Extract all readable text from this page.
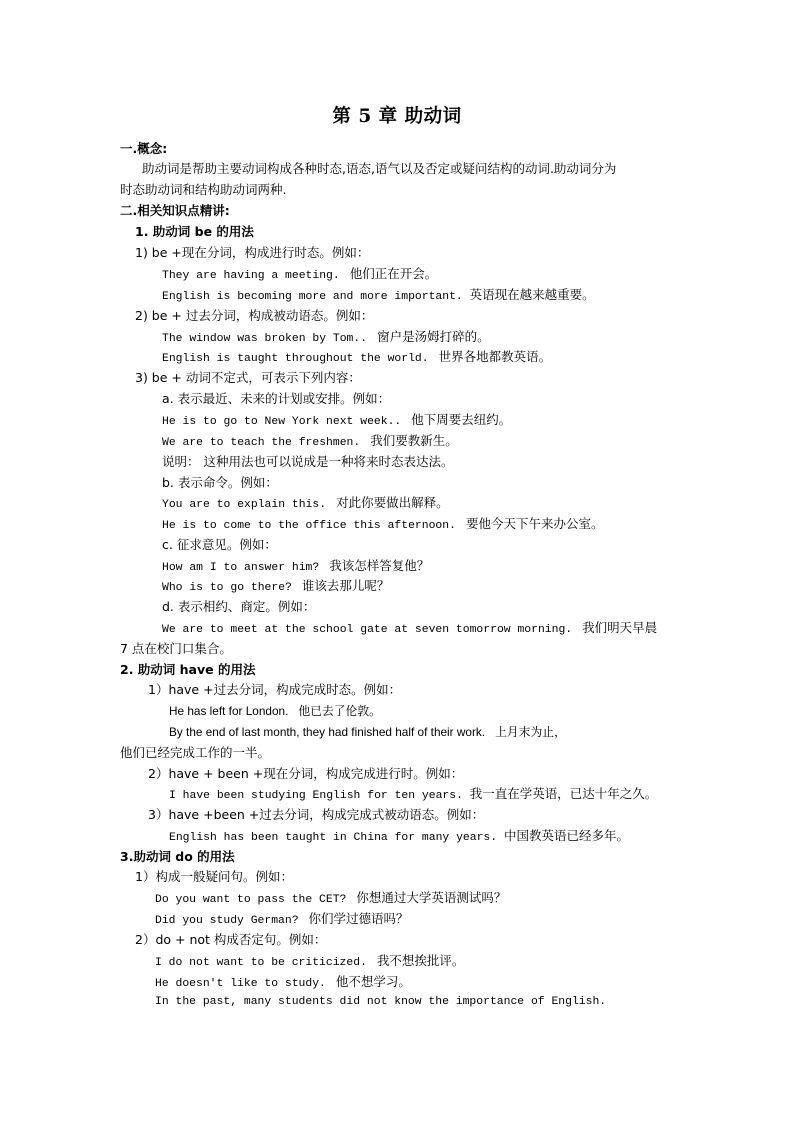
第 5 章 助动词
一.概念:
助动词是帮助主要动词构成各种时态,语态,语气以及否定或疑问结构的动词.助动词分为
时态助动词和结构助动词两种.
二.相关知识点精讲:
1. 助动词 be 的用法
1) be +现在分词，构成进行时态。例如：
They are having a meeting. 他们正在开会。
English is becoming more and more important. 英语现在越来越重要。
2) be + 过去分词，构成被动语态。例如：
The window was broken by Tom.. 窗户是汤姆打碎的。
English is taught throughout the world. 世界各地都教英语。
3) be + 动词不定式，可表示下列内容：
a. 表示最近、未来的计划或安排。例如：
He is to go to New York next week.. 他下周要去纽约。
We are to teach the freshmen. 我们要教新生。
说明： 这种用法也可以说成是一种将来时态表达法。
b. 表示命令。例如：
You are to explain this. 对此你要做出解释。
He is to come to the office this afternoon. 要他今天下午来办公室。
c. 征求意见。例如：
How am I to answer him? 我该怎样答复他？
Who is to go there? 谁该去那儿呢？
d. 表示相约、商定。例如：
We are to meet at the school gate at seven tomorrow morning. 我们明天早晨
7 点在校门口集合。
2. 助动词 have 的用法
1）have +过去分词，构成完成时态。例如：
He has left for London. 他已去了伦敦。
By the end of last month, they had finished half of their work. 上月末为止，
他们已经完成工作的一半。
2）have + been +现在分词，构成完成进行时。例如：
I have been studying English for ten years. 我一直在学英语，已达十年之久。
3）have +been +过去分词，构成完成式被动语态。例如：
English has been taught in China for many years. 中国教英语已经多年。
3.助动词 do 的用法
1）构成一般疑问句。例如：
Do you want to pass the CET? 你想通过大学英语测试吗？
Did you study German? 你们学过德语吗？
2）do + not 构成否定句。例如：
I do not want to be criticized. 我不想挨批评。
He doesn't like to study. 他不想学习。
In the past, many students did not know the importance of English.
